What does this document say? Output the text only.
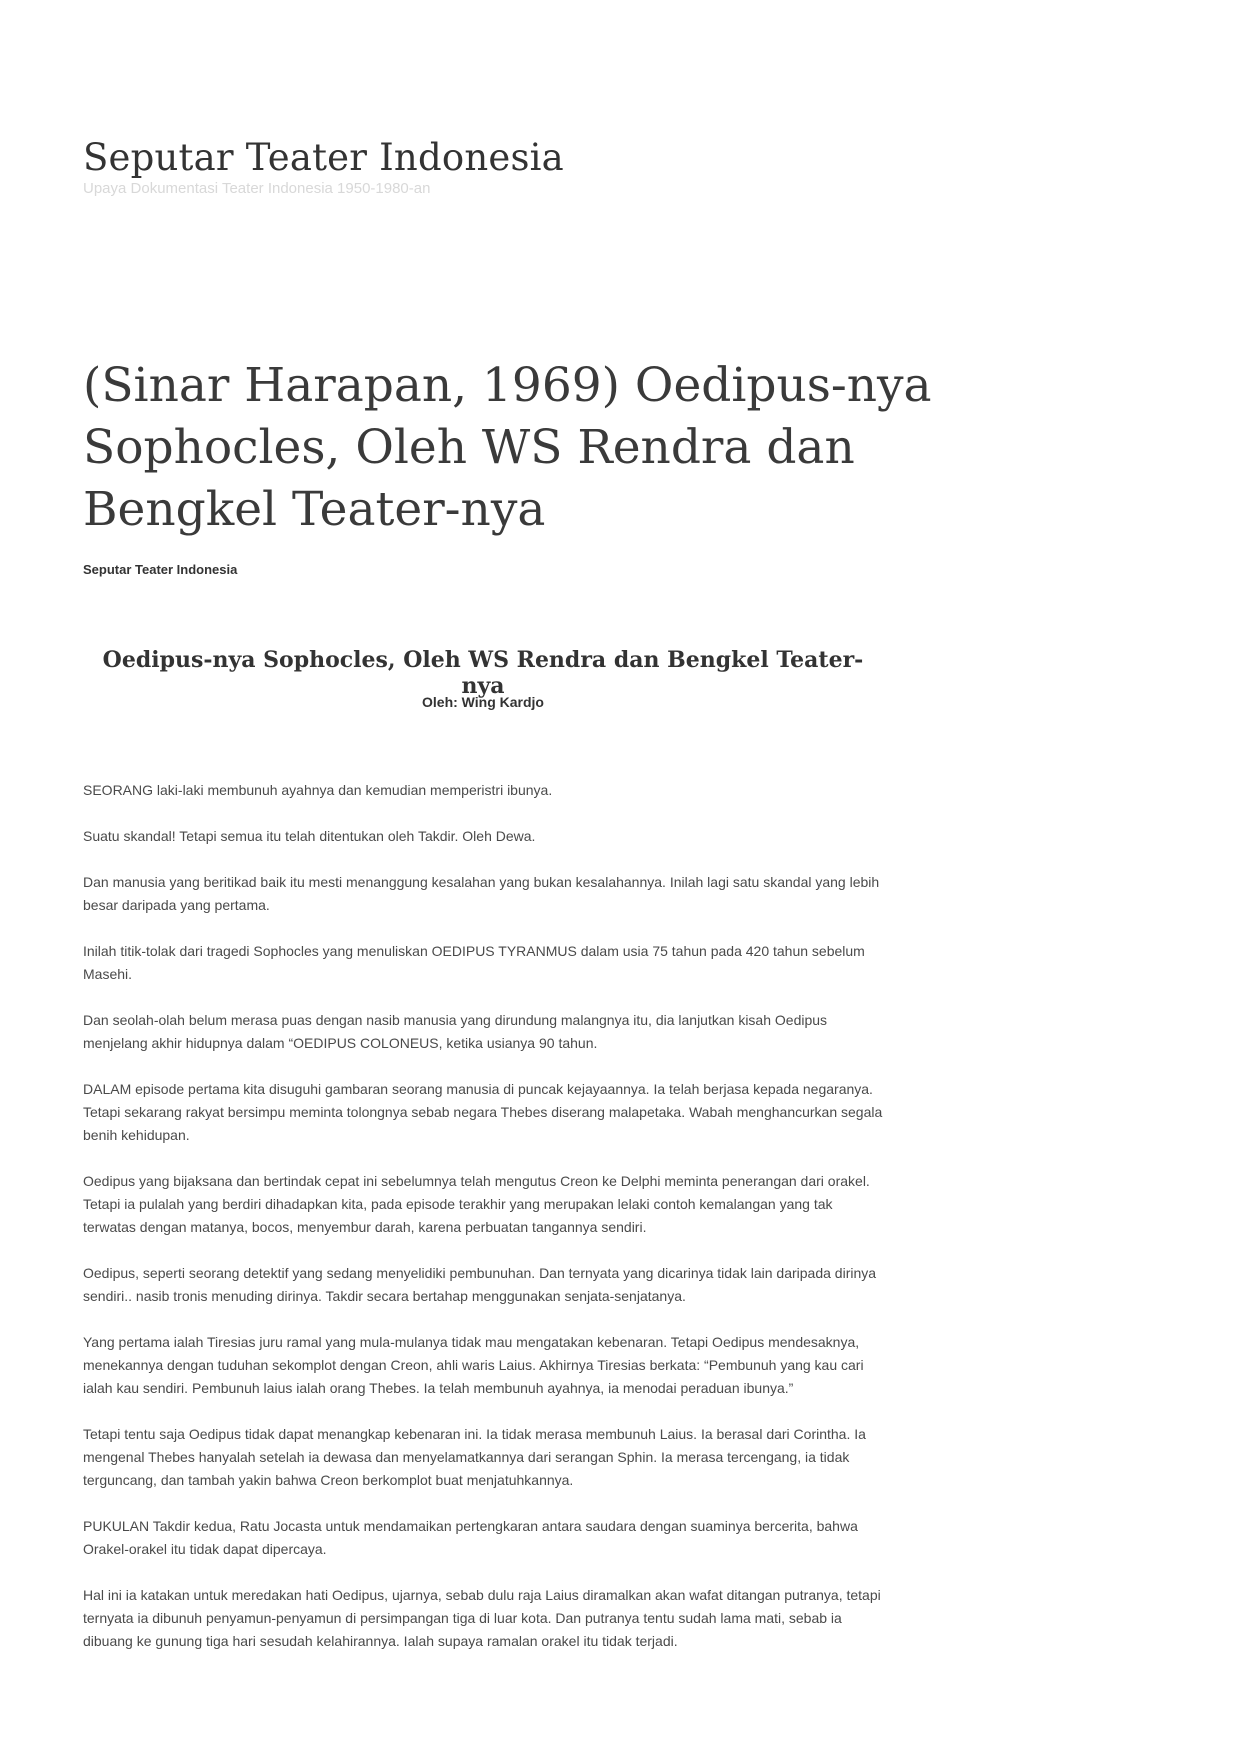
Seputar Teater Indonesia
Upaya Dokumentasi Teater Indonesia 1950-1980-an
(Sinar Harapan, 1969) Oedipus-nya Sophocles, Oleh WS Rendra dan Bengkel Teater-nya
Seputar Teater Indonesia
Oedipus-nya Sophocles, Oleh WS Rendra dan Bengkel Teater-nya
Oleh: Wing Kardjo

SEORANG laki-laki membunuh ayahnya dan kemudian memperistri ibunya.

Suatu skandal! Tetapi semua itu telah ditentukan oleh Takdir. Oleh Dewa.

Dan manusia yang beritikad baik itu mesti menanggung kesalahan yang bukan kesalahannya. Inilah lagi satu skandal yang lebih besar daripada yang pertama.

Inilah titik-tolak dari tragedi Sophocles yang menuliskan OEDIPUS TYRANMUS dalam usia 75 tahun pada 420 tahun sebelum Masehi.

Dan seolah-olah belum merasa puas dengan nasib manusia yang dirundung malangnya itu, dia lanjutkan kisah Oedipus menjelang akhir hidupnya dalam “OEDIPUS COLONEUS, ketika usianya 90 tahun.

DALAM episode pertama kita disuguhi gambaran seorang manusia di puncak kejayaannya. Ia telah berjasa kepada negaranya. Tetapi sekarang rakyat bersimpu meminta tolongnya sebab negara Thebes diserang malapetaka. Wabah menghancurkan segala benih kehidupan.

Oedipus yang bijaksana dan bertindak cepat ini sebelumnya telah mengutus Creon ke Delphi meminta penerangan dari orakel. Tetapi ia pulalah yang berdiri dihadapkan kita, pada episode terakhir yang merupakan lelaki contoh kemalangan yang tak terwatas dengan matanya, bocos, menyembur darah, karena perbuatan tangannya sendiri.

Oedipus, seperti seorang detektif yang sedang menyelidiki pembunuhan. Dan ternyata yang dicarinya tidak lain daripada dirinya sendiri.. nasib tronis menuding dirinya. Takdir secara bertahap menggunakan senjata-senjatanya.

Yang pertama ialah Tiresias juru ramal yang mula-mulanya tidak mau mengatakan kebenaran. Tetapi Oedipus mendesaknya, menekannya dengan tuduhan sekomplot dengan Creon, ahli waris Laius. Akhirnya Tiresias berkata: “Pembunuh yang kau cari ialah kau sendiri. Pembunuh laius ialah orang Thebes. Ia telah membunuh ayahnya, ia menodai peraduan ibunya.”

Tetapi tentu saja Oedipus tidak dapat menangkap kebenaran ini. Ia tidak merasa membunuh Laius. Ia berasal dari Corintha. Ia mengenal Thebes hanyalah setelah ia dewasa dan menyelamatkannya dari serangan Sphin. Ia merasa tercengang, ia tidak terguncang, dan tambah yakin bahwa Creon berkomplot buat menjatuhkannya.

PUKULAN Takdir kedua, Ratu Jocasta untuk mendamaikan pertengkaran antara saudara dengan suaminya bercerita, bahwa Orakel-orakel itu tidak dapat dipercaya.

Hal ini ia katakan untuk meredakan hati Oedipus, ujarnya, sebab dulu raja Laius diramalkan akan wafat ditangan putranya, tetapi ternyata ia dibunuh penyamun-penyamun di persimpangan tiga di luar kota. Dan putranya tentu sudah lama mati, sebab ia dibuang ke gunung tiga hari sesudah kelahirannya. Ialah supaya ramalan orakel itu tidak terjadi.
